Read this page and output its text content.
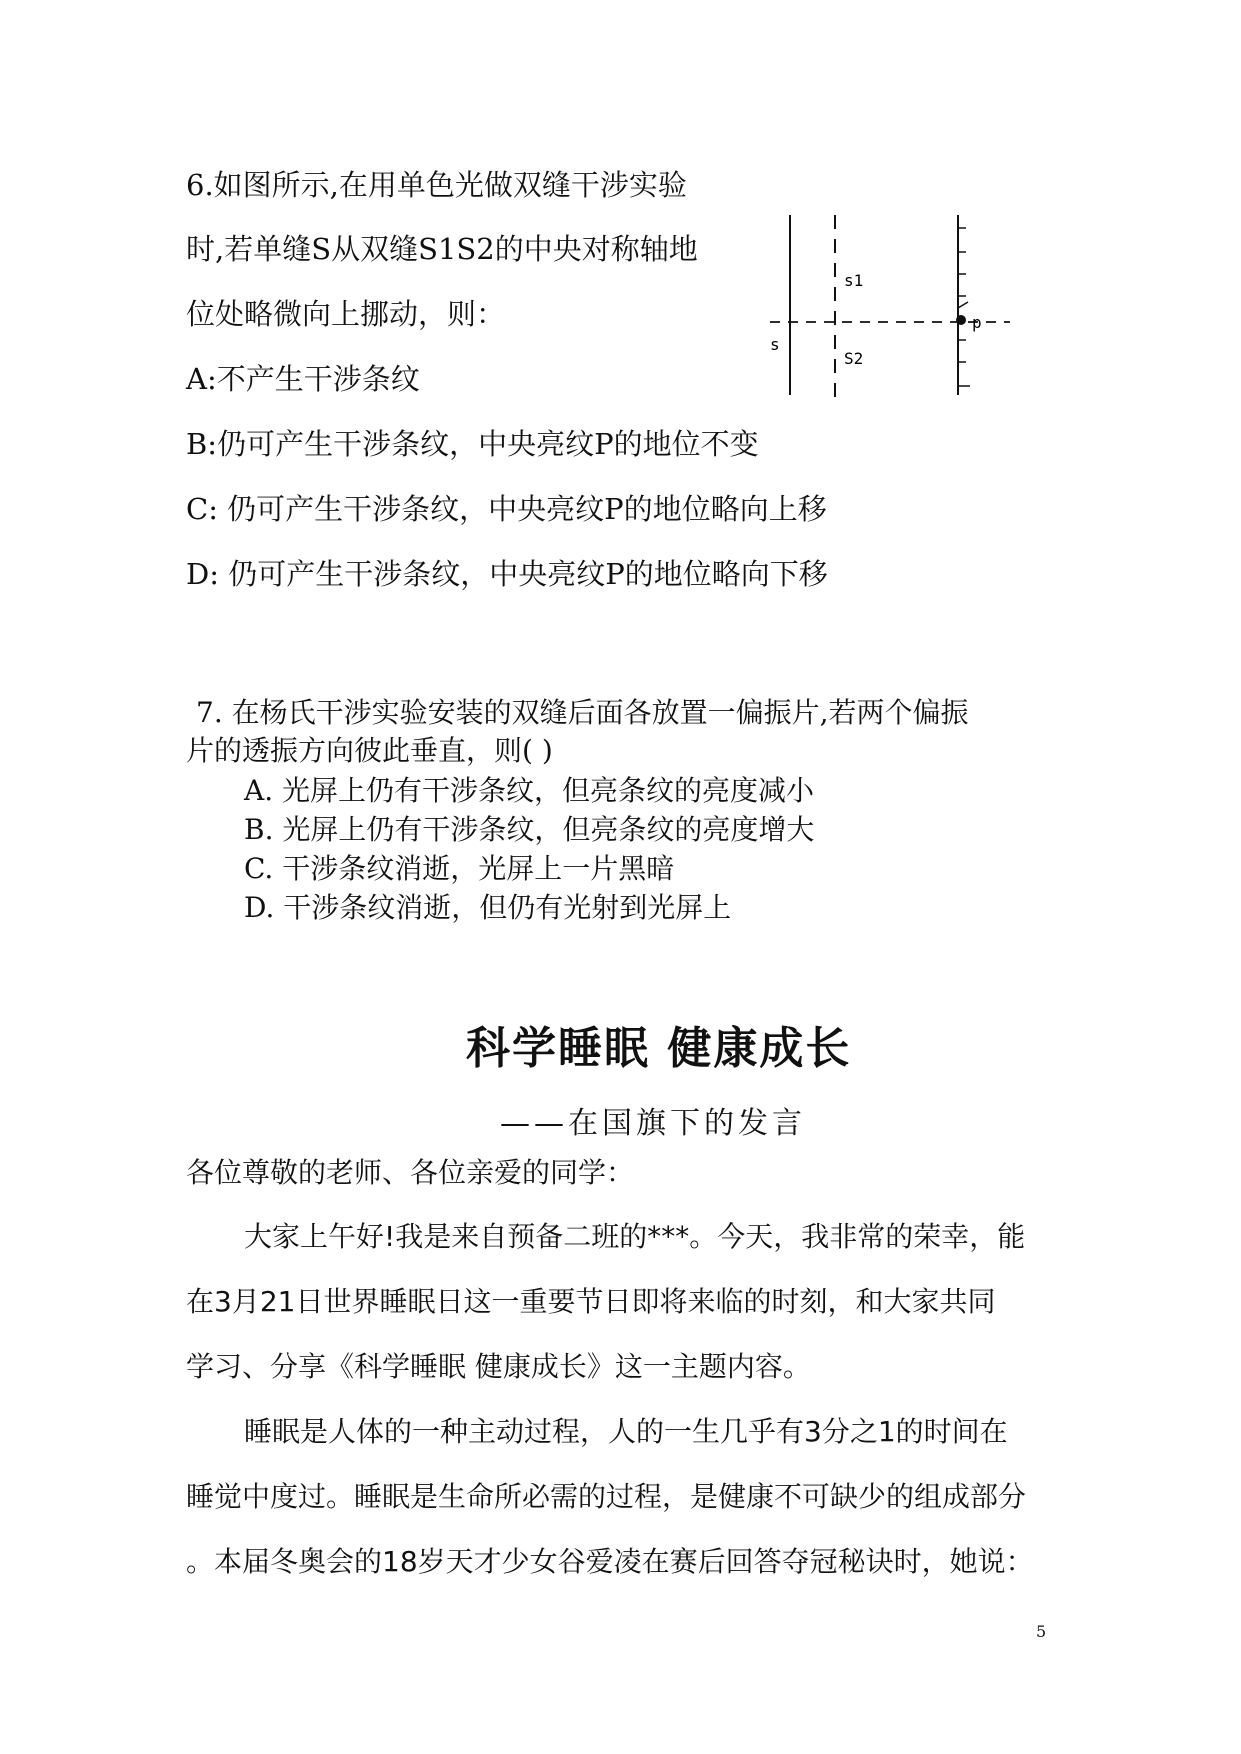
6.如图所示,在用单色光做双缝干涉实验
时,若单缝S从双缝S1S2的中央对称轴地
位处略微向上挪动，则：
A:不产生干涉条纹
B:仍可产生干涉条纹，中央亮纹P的地位不变
C: 仍可产生干涉条纹，中央亮纹P的地位略向上移
D: 仍可产生干涉条纹，中央亮纹P的地位略向下移
s
s1
S2
p
7. 在杨氏干涉实验安装的双缝后面各放置一偏振片,若两个偏振
片的透振方向彼此垂直，则( )
A. 光屏上仍有干涉条纹，但亮条纹的亮度减小
B. 光屏上仍有干涉条纹，但亮条纹的亮度增大
C. 干涉条纹消逝，光屏上一片黑暗
D. 干涉条纹消逝，但仍有光射到光屏上
科学睡眠 健康成长
——在国旗下的发言
各位尊敬的老师、各位亲爱的同学：
大家上午好!我是来自预备二班的***。今天，我非常的荣幸，能
在3月21日世界睡眠日这一重要节日即将来临的时刻，和大家共同
学习、分享《科学睡眠 健康成长》这一主题内容。
睡眠是人体的一种主动过程，人的一生几乎有3分之1的时间在
睡觉中度过。睡眠是生命所必需的过程，是健康不可缺少的组成部分
。本届冬奥会的18岁天才少女谷爱凌在赛后回答夺冠秘诀时，她说：
5
